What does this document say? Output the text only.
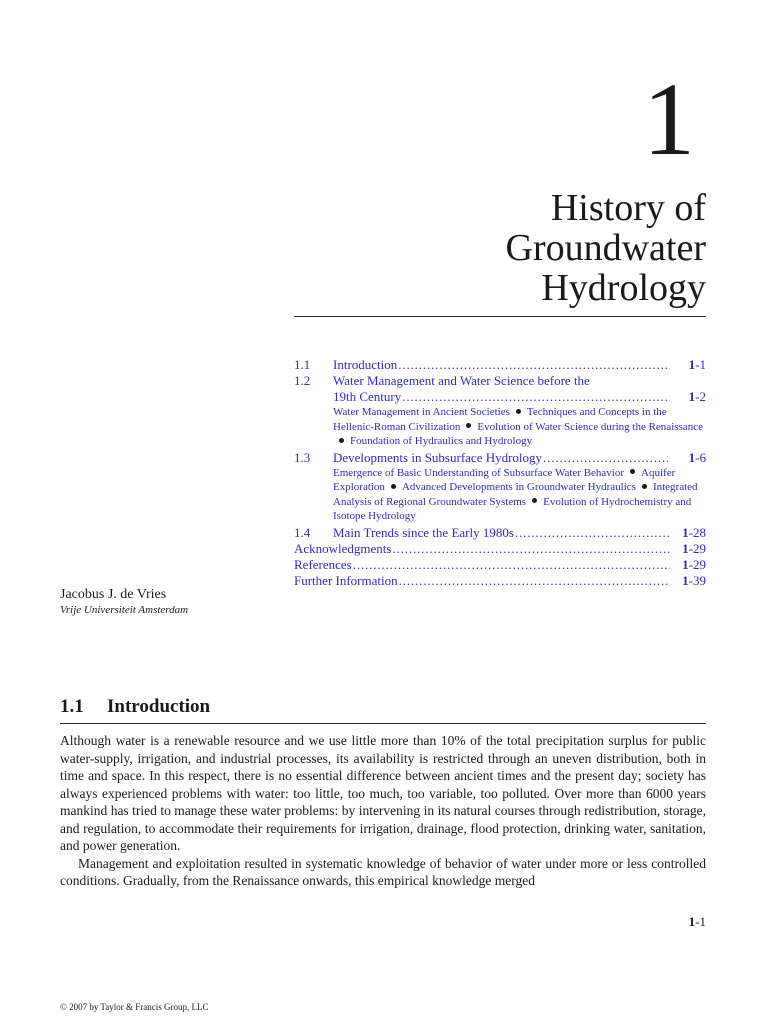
1
History of
Groundwater
Hydrology
1.1 Introduction . . .	1-1
1.2 Water Management and Water Science before the
19th Century . . .	1-2
Water Management in Ancient Societies Techniques and Concepts in the Hellenic-Roman Civilization Evolution of Water Science during the RenaissanceFoundation of Hydraulics and Hydrology
1.3 Developments in Subsurface Hydrology . . .	1-6
Emergence of Basic Understanding of Subsurface Water Behavior Aquifer Exploration Advanced Developments in Groundwater Hydraulics Integrated Analysis of Regional Groundwater Systems Evolution of Hydrochemistry and Isotope Hydrology
1.4 Main Trends since the Early 1980s . . .	1-28
Acknowledgments . . .	1-29
References . . .	1-29
Further Information . . .	1-39
Jacobus J. de Vries
Vrije Universiteit Amsterdam
1.1 Introduction

Although water is a renewable resource and we use little more than 10% of the total precipitation surplus for public water-supply, irrigation, and industrial processes, its availability is restricted through an uneven distribution, both in time and space. In this respect, there is no essential difference between ancient times and the present day; society has always experienced problems with water: too little, too much, too variable, too polluted. Over more than 6000 years mankind has tried to manage these water problems: by intervening in its natural courses through redistribution, storage, and regulation, to accommodate their requirements for irrigation, drainage, flood protection, drinking water, sanitation, and power generation.

Management and exploitation resulted in systematic knowledge of behavior of water under more or less controlled conditions. Gradually, from the Renaissance onwards, this empirical knowledge merged

1-1
© 2007 by Taylor & Francis Group, LLC
